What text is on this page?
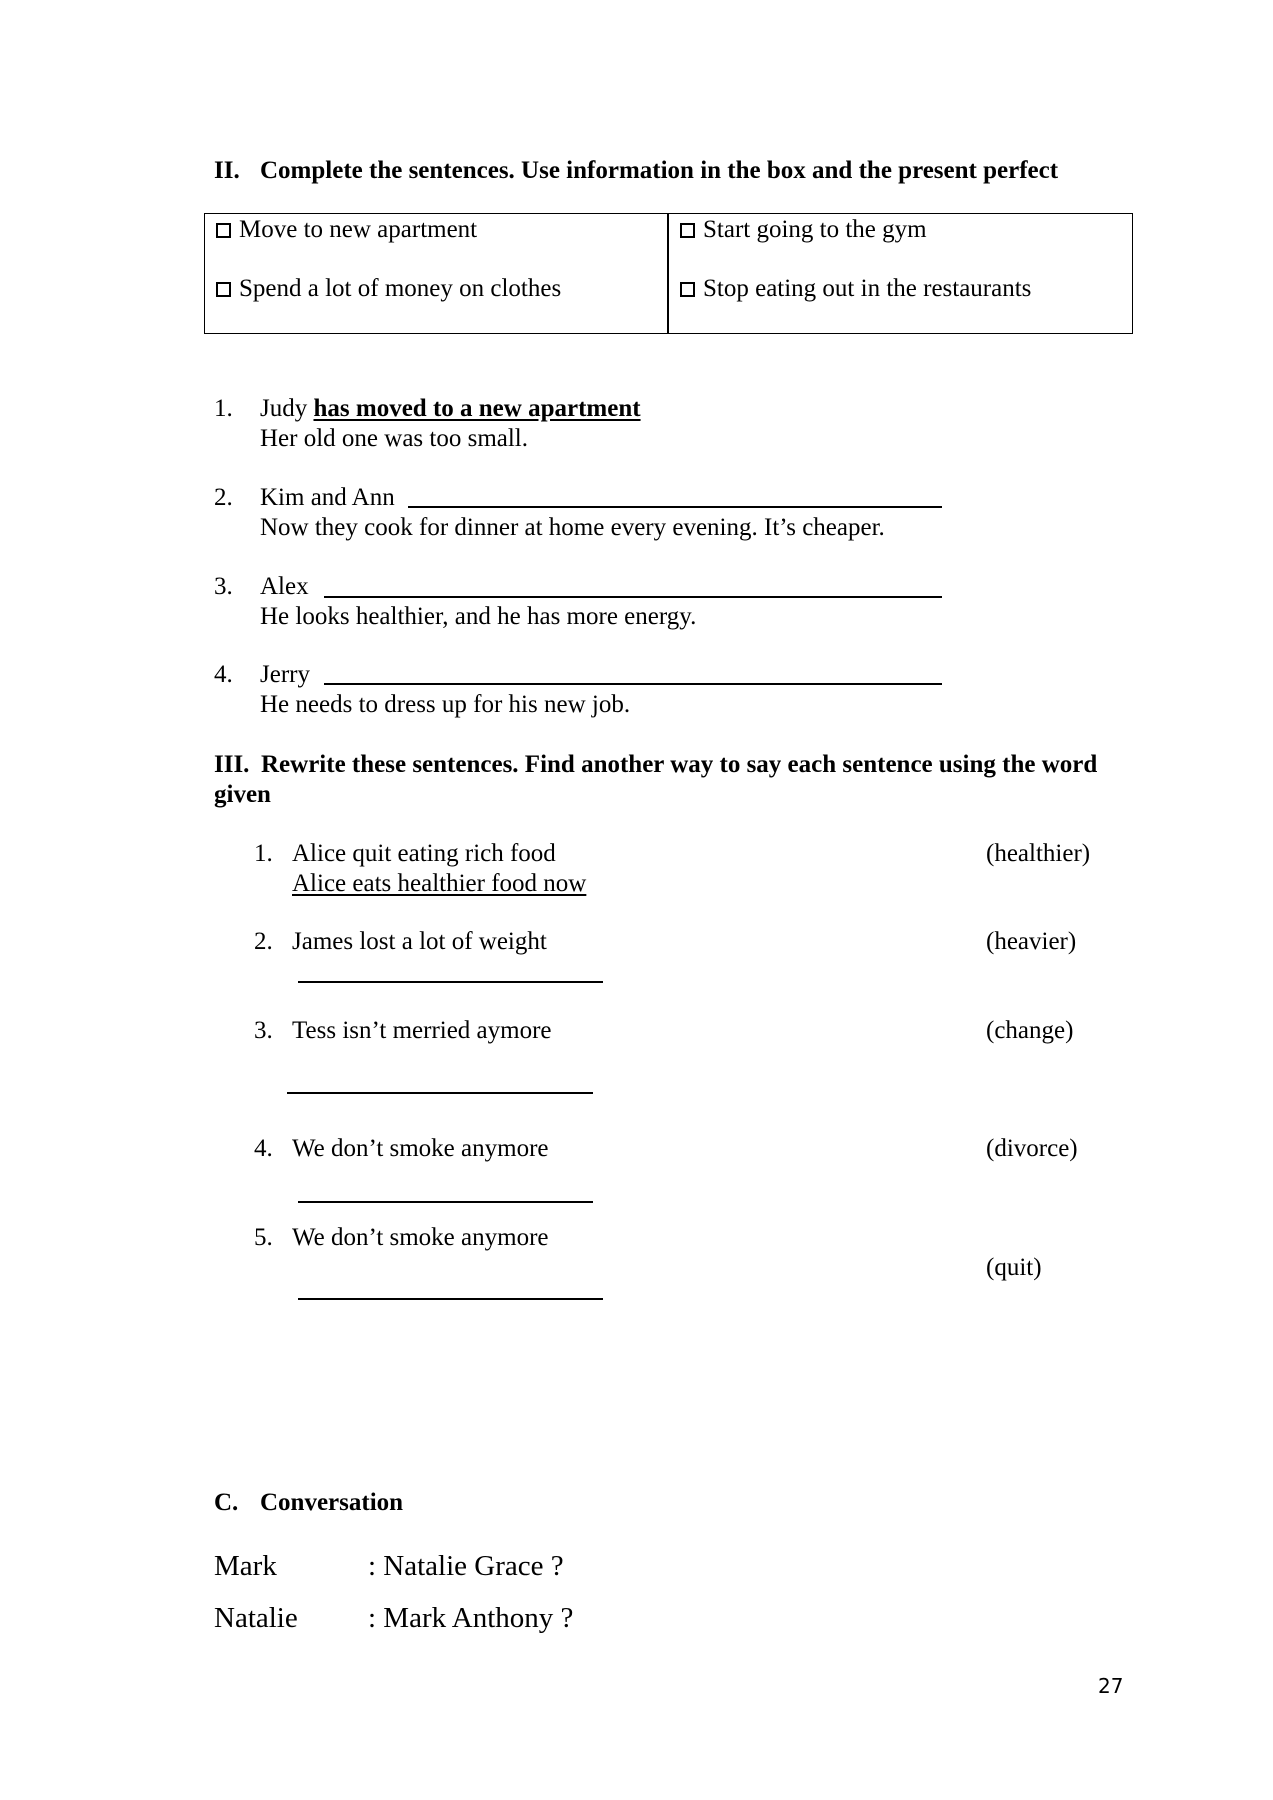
II. Complete the sentences. Use information in the box and the present perfect
Move to new apartment	Start going to the gym
Spend a lot of money on clothes	Stop eating out in the restaurants
1. Judy has moved to a new apartment
Her old one was too small.
2. Kim and Ann
Now they cook for dinner at home every evening. It’s cheaper.
3. Alex
He looks healthier, and he has more energy.
4. Jerry
He needs to dress up for his new job.
III. Rewrite these sentences. Find another way to say each sentence using the word
given
1. Alice quit eating rich food	(healthier)
Alice eats healthier food now
2. James lost a lot of weight	(heavier)
3. Tess isn’t merried aymore	(change)
4. We don’t smoke anymore	(divorce)
5. We don’t smoke anymore
(quit)
C. Conversation
Mark	: Natalie Grace ?
Natalie : Mark Anthony ?
27
